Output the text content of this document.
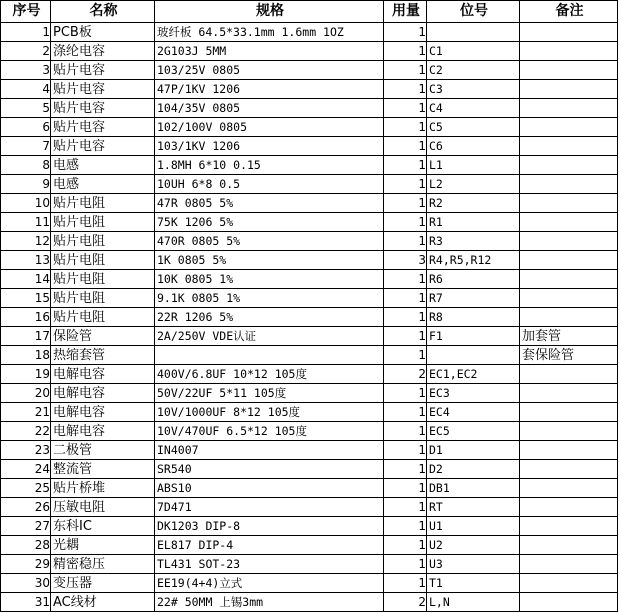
序号	名称	规格	用量	位号	备注
1	PCB板	玻纤板 64.5*33.1mm 1.6mm 1OZ	1		
2	涤纶电容	2G103J 5MM	1	C1	
3	贴片电容	103/25V 0805	1	C2	
4	贴片电容	47P/1KV 1206	1	C3	
5	贴片电容	104/35V 0805	1	C4	
6	贴片电容	102/100V 0805	1	C5	
7	贴片电容	103/1KV 1206	1	C6	
8	电感	1.8MH 6*10 0.15	1	L1	
9	电感	10UH 6*8 0.5	1	L2	
10	贴片电阻	47R 0805 5%	1	R2	
11	贴片电阻	75K 1206 5%	1	R1	
12	贴片电阻	470R 0805 5%	1	R3	
13	贴片电阻	1K 0805 5%	3	R4,R5,R12	
14	贴片电阻	10K 0805 1%	1	R6	
15	贴片电阻	9.1K 0805 1%	1	R7	
16	贴片电阻	22R 1206 5%	1	R8	
17	保险管	2A/250V VDE认证	1	F1	加套管
18	热缩套管		1		套保险管
19	电解电容	400V/6.8UF 10*12 105度	2	EC1,EC2	
20	电解电容	50V/22UF 5*11 105度	1	EC3	
21	电解电容	10V/1000UF 8*12 105度	1	EC4	
22	电解电容	10V/470UF 6.5*12 105度	1	EC5	
23	二极管	IN4007	1	D1	
24	整流管	SR540	1	D2	
25	贴片桥堆	ABS10	1	DB1	
26	压敏电阻	7D471	1	RT	
27	东科IC	DK1203 DIP-8	1	U1	
28	光耦	EL817 DIP-4	1	U2	
29	精密稳压	TL431 SOT-23	1	U3	
30	变压器	EE19(4+4)立式	1	T1	
31	AC线材	22# 50MM 上锡3mm	2	L,N	
